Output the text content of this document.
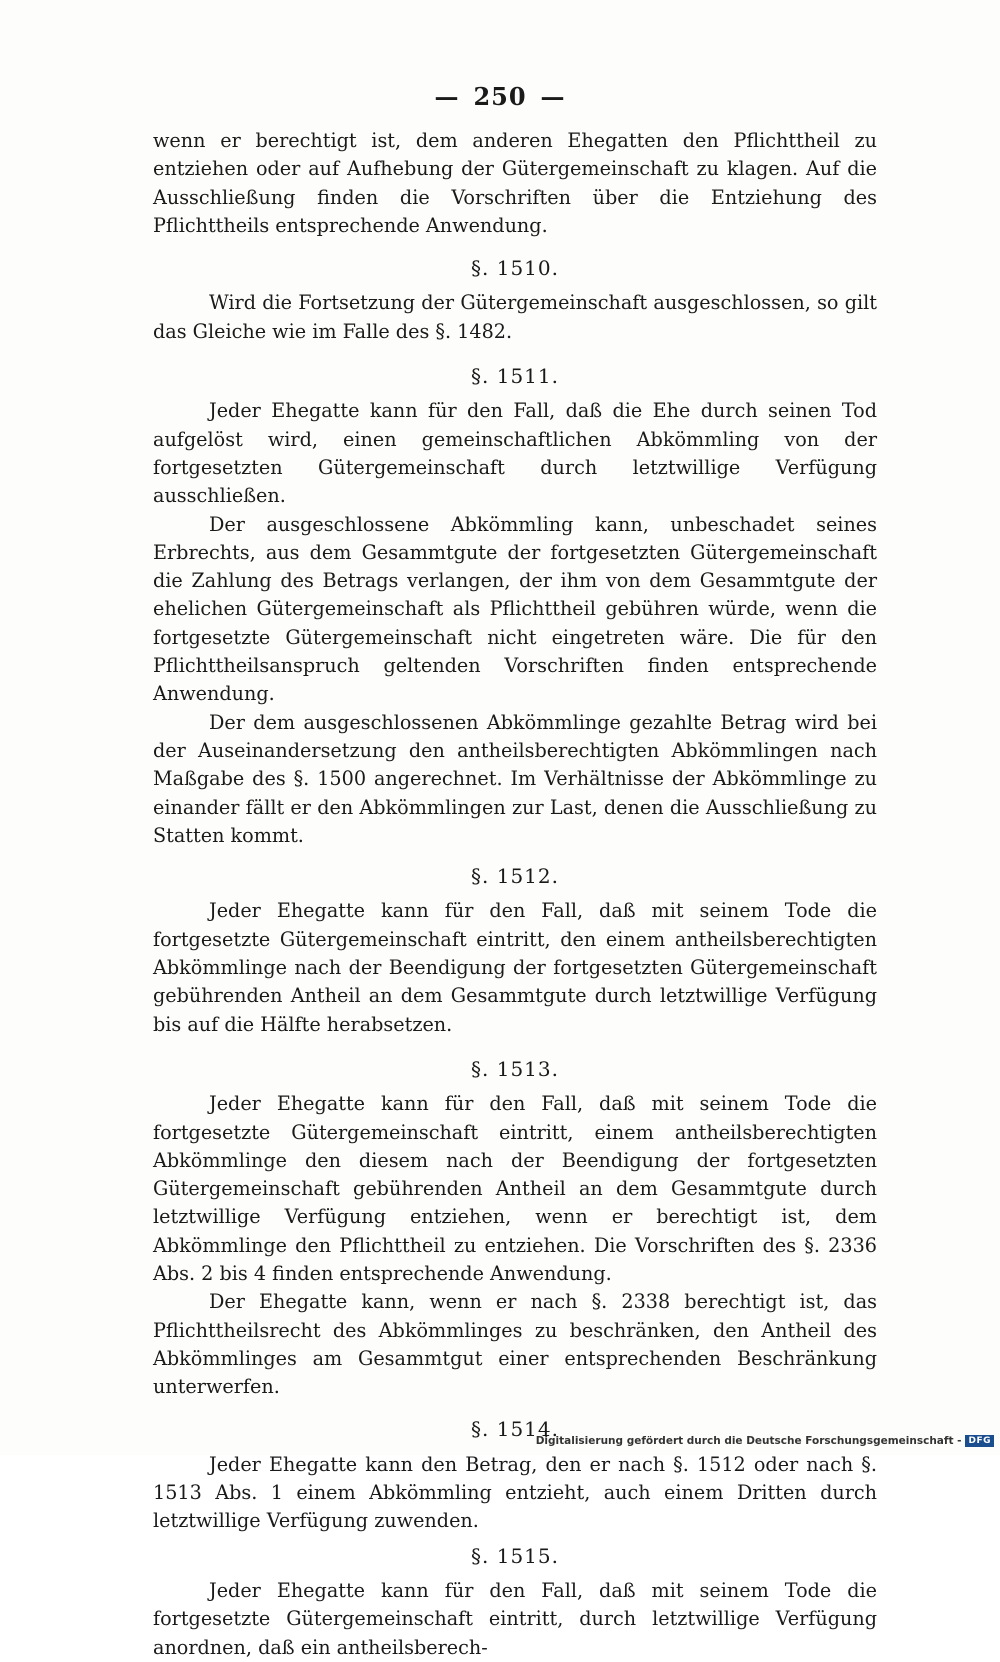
— 250 —

wenn er berechtigt ist, dem anderen Ehegatten den Pflichttheil zu entziehen oder auf Aufhebung der Gütergemeinschaft zu klagen. Auf die Ausschließung finden die Vorschriften über die Entziehung des Pflichttheils entsprechende Anwendung.

§. 1510.

Wird die Fortsetzung der Gütergemeinschaft ausgeschlossen, so gilt das Gleiche wie im Falle des §. 1482.

§. 1511.

Jeder Ehegatte kann für den Fall, daß die Ehe durch seinen Tod aufgelöst wird, einen gemeinschaftlichen Abkömmling von der fortgesetzten Gütergemeinschaft durch letztwillige Verfügung ausschließen.

Der ausgeschlossene Abkömmling kann, unbeschadet seines Erbrechts, aus dem Gesammtgute der fortgesetzten Gütergemeinschaft die Zahlung des Betrags verlangen, der ihm von dem Gesammtgute der ehelichen Gütergemeinschaft als Pflichttheil gebühren würde, wenn die fortgesetzte Gütergemeinschaft nicht eingetreten wäre. Die für den Pflichttheilsanspruch geltenden Vorschriften finden entsprechende Anwendung.

Der dem ausgeschlossenen Abkömmlinge gezahlte Betrag wird bei der Auseinandersetzung den antheilsberechtigten Abkömmlingen nach Maßgabe des §. 1500 angerechnet. Im Verhältnisse der Abkömmlinge zu einander fällt er den Abkömmlingen zur Last, denen die Ausschließung zu Statten kommt.

§. 1512.

Jeder Ehegatte kann für den Fall, daß mit seinem Tode die fortgesetzte Gütergemeinschaft eintritt, den einem antheilsberechtigten Abkömmlinge nach der Beendigung der fortgesetzten Gütergemeinschaft gebührenden Antheil an dem Gesammtgute durch letztwillige Verfügung bis auf die Hälfte herabsetzen.

§. 1513.

Jeder Ehegatte kann für den Fall, daß mit seinem Tode die fortgesetzte Gütergemeinschaft eintritt, einem antheilsberechtigten Abkömmlinge den diesem nach der Beendigung der fortgesetzten Gütergemeinschaft gebührenden Antheil an dem Gesammtgute durch letztwillige Verfügung entziehen, wenn er berechtigt ist, dem Abkömmlinge den Pflichttheil zu entziehen. Die Vorschriften des §. 2336 Abs. 2 bis 4 finden entsprechende Anwendung.

Der Ehegatte kann, wenn er nach §. 2338 berechtigt ist, das Pflichttheilsrecht des Abkömmlinges zu beschränken, den Antheil des Abkömmlinges am Gesammtgut einer entsprechenden Beschränkung unterwerfen.

§. 1514.

Jeder Ehegatte kann den Betrag, den er nach §. 1512 oder nach §. 1513 Abs. 1 einem Abkömmling entzieht, auch einem Dritten durch letztwillige Verfügung zuwenden.

§. 1515.

Jeder Ehegatte kann für den Fall, daß mit seinem Tode die fortgesetzte Gütergemeinschaft eintritt, durch letztwillige Verfügung anordnen, daß ein antheilsberech-

Digitalisierung gefördert durch die Deutsche Forschungsgemeinschaft - DFG
